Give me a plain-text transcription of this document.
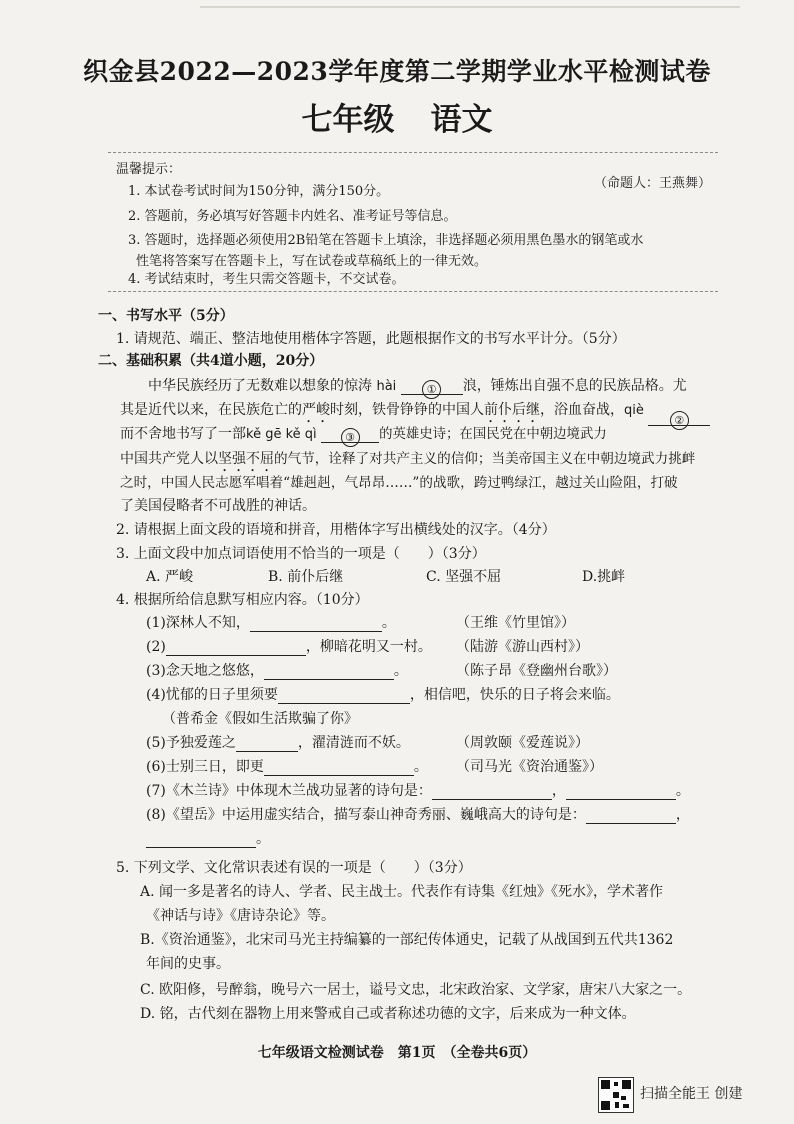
织金县2022—2023学年度第二学期学业水平检测试卷
七年级 语文
温馨提示：
（命题人：王燕舞）
1. 本试卷考试时间为150分钟，满分150分。
2. 答题前，务必填写好答题卡内姓名、准考证号等信息。
3. 答题时，选择题必须使用2B铅笔在答题卡上填涂，非选择题必须用黑色墨水的钢笔或水
性笔将答案写在答题卡上，写在试卷或草稿纸上的一律无效。
4. 考试结束时，考生只需交答题卡，不交试卷。
一、书写水平（5分）
1. 请规范、端正、整洁地使用楷体字答题，此题根据作文的书写水平计分。（5分）
二、基础积累（共4道小题，20分）
中华民族经历了无数难以想象的惊涛 hài	① 浪，锤炼出自强不息的民族品格。尤
其是近代以来，在民族危亡的严峻时刻，铁骨铮铮的中国人前仆后继，浴血奋战，qiè ②
而不舍地书写了一部kě gē kě qì	③ 的英雄史诗；在国民党在中朝边境武力
中国共产党人以坚强不屈的气节，诠释了对共产主义的信仰；当美帝国主义在中朝边境武力挑衅
之时，中国人民志愿军唱着“雄赳赳，气昂昂……”的战歌，跨过鸭绿江，越过关山险阻，打破
了美国侵略者不可战胜的神话。
2. 请根据上面文段的语境和拼音，用楷体字写出横线处的汉字。（4分）
3. 上面文段中加点词语使用不恰当的一项是（　　）（3分）
A. 严峻	B. 前仆后继	C. 坚强不屈	D.挑衅
4. 根据所给信息默写相应内容。（10分）
(1)深林人不知，	。	（王维《竹里馆》）
(2)	，柳暗花明又一村。 （陆游《游山西村》）
(3)念天地之悠悠，	。	（陈子昂《登幽州台歌》）
(4)忧郁的日子里须要	，相信吧，快乐的日子将会来临。
（普希金《假如生活欺骗了你》
(5)予独爱莲之	，濯清涟而不妖。	（周敦颐《爱莲说》）
(6)士别三日，即更	。 （司马光《资治通鉴》）
(7)《木兰诗》中体现木兰战功显著的诗句是：	，	。
(8)《望岳》中运用虚实结合，描写泰山神奇秀丽、巍峨高大的诗句是：	，
。
5. 下列文学、文化常识表述有误的一项是（　　）（3分）
A. 闻一多是著名的诗人、学者、民主战士。代表作有诗集《红烛》《死水》，学术著作
《神话与诗》《唐诗杂论》等。
B.《资治通鉴》，北宋司马光主持编纂的一部纪传体通史，记载了从战国到五代共1362
年间的史事。
C. 欧阳修，号醉翁，晚号六一居士，谥号文忠，北宋政治家、文学家，唐宋八大家之一。
D. 铭，古代刻在器物上用来警戒自己或者称述功德的文字，后来成为一种文体。
七年级语文检测试卷　第1页　（全卷共6页）
扫描全能王 创建
